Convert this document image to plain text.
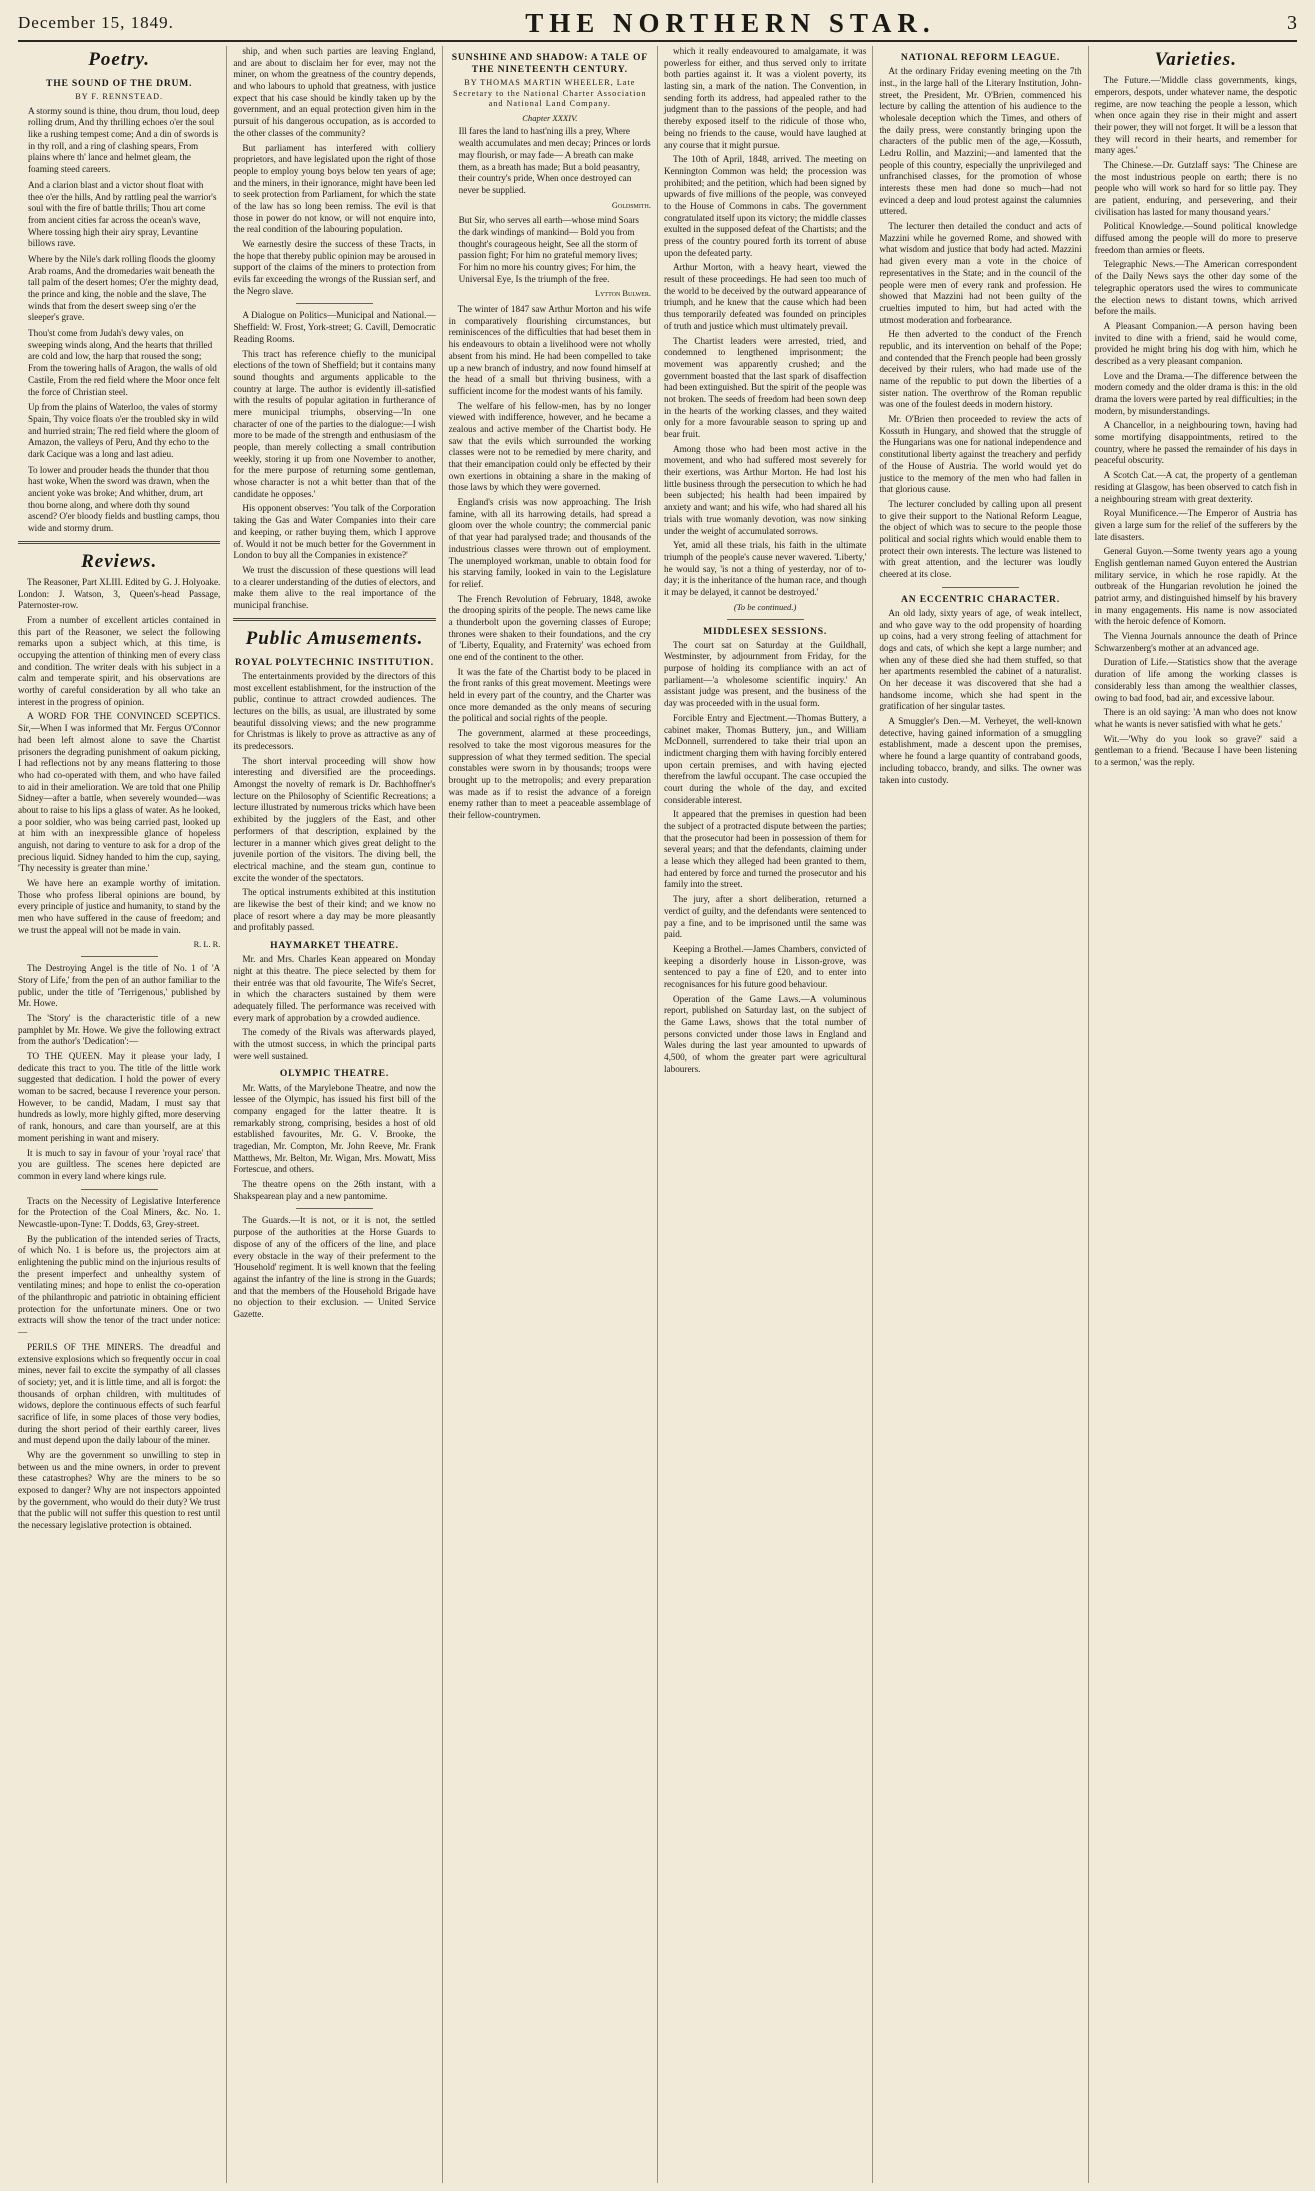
December 15, 1849.	THE NORTHERN STAR.	3
Poetry.
THE SOUND OF THE DRUM.
BY F. RENNSTEAD.

A stormy sound is thine, thou drum, thou loud, deep rolling drum, And thy thrilling echoes o'er the soul like a rushing tempest come; And a din of swords is in thy roll, and a ring of clashing spears, From plains where th' lance and helmet gleam, the foaming steed careers.

And a clarion blast and a victor shout float with thee o'er the hills, And by rattling peal the warrior's soul with the fire of battle thrills; Thou art come from ancient cities far across the ocean's wave, Where tossing high their airy spray, Levantine billows rave.

Where by the Nile's dark rolling floods the gloomy Arab roams, And the dromedaries wait beneath the tall palm of the desert homes; O'er the mighty dead, the prince and king, the noble and the slave, The winds that from the desert sweep sing o'er the sleeper's grave.

Thou'st come from Judah's dewy vales, on sweeping winds along, And the hearts that thrilled are cold and low, the harp that roused the song; From the towering halls of Aragon, the walls of old Castile, From the red field where the Moor once felt the force of Christian steel.

Up from the plains of Waterloo, the vales of stormy Spain, Thy voice floats o'er the troubled sky in wild and hurried strain; The red field where the gloom of Amazon, the valleys of Peru, And thy echo to the dark Cacique was a long and last adieu.

To lower and prouder heads the thunder that thou hast woke, When the sword was drawn, when the ancient yoke was broke; And whither, drum, art thou borne along, and where doth thy sound ascend? O'er bloody fields and bustling camps, thou wide and stormy drum.

Reviews.

The Reasoner, Part XLIII. Edited by G. J. Holyoake. London: J. Watson, 3, Queen's-head Passage, Paternoster-row.

From a number of excellent articles contained in this part of the Reasoner, we select the following remarks upon a subject which, at this time, is occupying the attention of thinking men of every class and condition. The writer deals with his subject in a calm and temperate spirit, and his observations are worthy of careful consideration by all who take an interest in the progress of opinion.

A WORD FOR THE CONVINCED SCEPTICS. Sir,—When I was informed that Mr. Fergus O'Connor had been left almost alone to save the Chartist prisoners the degrading punishment of oakum picking, I had reflections not by any means flattering to those who had co-operated with them, and who have failed to aid in their amelioration. We are told that one Philip Sidney—after a battle, when severely wounded—was about to raise to his lips a glass of water. As he looked, a poor soldier, who was being carried past, looked up at him with an inexpressible glance of hopeless anguish, not daring to venture to ask for a drop of the precious liquid. Sidney handed to him the cup, saying, 'Thy necessity is greater than mine.'

We have here an example worthy of imitation. Those who profess liberal opinions are bound, by every principle of justice and humanity, to stand by the men who have suffered in the cause of freedom; and we trust the appeal will not be made in vain.

R. L. R.

The Destroying Angel is the title of No. 1 of 'A Story of Life,' from the pen of an author familiar to the public, under the title of 'Terrigenous,' published by Mr. Howe.

The 'Story' is the characteristic title of a new pamphlet by Mr. Howe. We give the following extract from the author's 'Dedication':—

TO THE QUEEN. May it please your lady, I dedicate this tract to you. The title of the little work suggested that dedication. I hold the power of every woman to be sacred, because I reverence your person. However, to be candid, Madam, I must say that hundreds as lowly, more highly gifted, more deserving of rank, honours, and care than yourself, are at this moment perishing in want and misery.

It is much to say in favour of your 'royal race' that you are guiltless. The scenes here depicted are common in every land where kings rule.

Tracts on the Necessity of Legislative Interference for the Protection of the Coal Miners, &c. No. 1. Newcastle-upon-Tyne: T. Dodds, 63, Grey-street.

By the publication of the intended series of Tracts, of which No. 1 is before us, the projectors aim at enlightening the public mind on the injurious results of the present imperfect and unhealthy system of ventilating mines; and hope to enlist the co-operation of the philanthropic and patriotic in obtaining efficient protection for the unfortunate miners. One or two extracts will show the tenor of the tract under notice:—

PERILS OF THE MINERS. The dreadful and extensive explosions which so frequently occur in coal mines, never fail to excite the sympathy of all classes of society; yet, and it is little time, and all is forgot: the thousands of orphan children, with multitudes of widows, deplore the continuous effects of such fearful sacrifice of life, in some places of those very bodies, during the short period of their earthly career, lives and must depend upon the daily labour of the miner.

Why are the government so unwilling to step in between us and the mine owners, in order to prevent these catastrophes? Why are the miners to be so exposed to danger? Why are not inspectors appointed by the government, who would do their duty? We trust that the public will not suffer this question to rest until the necessary legislative protection is obtained.

ship, and when such parties are leaving England, and are about to disclaim her for ever, may not the miner, on whom the greatness of the country depends, and who labours to uphold that greatness, with justice expect that his case should be kindly taken up by the government, and an equal protection given him in the pursuit of his dangerous occupation, as is accorded to the other classes of the community?

But parliament has interfered with colliery proprietors, and have legislated upon the right of those people to employ young boys below ten years of age; and the miners, in their ignorance, might have been led to seek protection from Parliament, for which the state of the law has so long been remiss. The evil is that those in power do not know, or will not enquire into, the real condition of the labouring population.

We earnestly desire the success of these Tracts, in the hope that thereby public opinion may be aroused in support of the claims of the miners to protection from evils far exceeding the wrongs of the Russian serf, and the Negro slave.

A Dialogue on Politics—Municipal and National.—Sheffield: W. Frost, York-street; G. Cavill, Democratic Reading Rooms.

This tract has reference chiefly to the municipal elections of the town of Sheffield; but it contains many sound thoughts and arguments applicable to the country at large. The author is evidently ill-satisfied with the results of popular agitation in furtherance of mere municipal triumphs, observing—'In one character of one of the parties to the dialogue:—I wish more to be made of the strength and enthusiasm of the people, than merely collecting a small contribution weekly, storing it up from one November to another, for the mere purpose of returning some gentleman, whose character is not a whit better than that of the candidate he opposes.'

His opponent observes: 'You talk of the Corporation taking the Gas and Water Companies into their care and keeping, or rather buying them, which I approve of. Would it not be much better for the Government in London to buy all the Companies in existence?'

We trust the discussion of these questions will lead to a clearer understanding of the duties of electors, and make them alive to the real importance of the municipal franchise.

Public Amusements.
ROYAL POLYTECHNIC INSTITUTION.

The entertainments provided by the directors of this most excellent establishment, for the instruction of the public, continue to attract crowded audiences. The lectures on the bills, as usual, are illustrated by some beautiful dissolving views; and the new programme for Christmas is likely to prove as attractive as any of its predecessors.

The short interval proceeding will show how interesting and diversified are the proceedings. Amongst the novelty of remark is Dr. Bachhoffner's lecture on the Philosophy of Scientific Recreations; a lecture illustrated by numerous tricks which have been exhibited by the jugglers of the East, and other performers of that description, explained by the lecturer in a manner which gives great delight to the juvenile portion of the visitors. The diving bell, the electrical machine, and the steam gun, continue to excite the wonder of the spectators.

The optical instruments exhibited at this institution are likewise the best of their kind; and we know no place of resort where a day may be more pleasantly and profitably passed.

HAYMARKET THEATRE.

Mr. and Mrs. Charles Kean appeared on Monday night at this theatre. The piece selected by them for their entrée was that old favourite, The Wife's Secret, in which the characters sustained by them were adequately filled. The performance was received with every mark of approbation by a crowded audience.

The comedy of the Rivals was afterwards played, with the utmost success, in which the principal parts were well sustained.

OLYMPIC THEATRE.

Mr. Watts, of the Marylebone Theatre, and now the lessee of the Olympic, has issued his first bill of the company engaged for the latter theatre. It is remarkably strong, comprising, besides a host of old established favourites, Mr. G. V. Brooke, the tragedian, Mr. Compton, Mr. John Reeve, Mr. Frank Matthews, Mr. Belton, Mr. Wigan, Mrs. Mowatt, Miss Fortescue, and others.

The theatre opens on the 26th instant, with a Shakspearean play and a new pantomime.

The Guards.—It is not, or it is not, the settled purpose of the authorities at the Horse Guards to dispose of any of the officers of the line, and place every obstacle in the way of their preferment to the 'Household' regiment. It is well known that the feeling against the infantry of the line is strong in the Guards; and that the members of the Household Brigade have no objection to their exclusion. — United Service Gazette.

SUNSHINE AND SHADOW: A TALE OF THE NINETEENTH CENTURY.
BY THOMAS MARTIN WHEELER, Late Secretary to the National Charter Association and National Land Company.
Chapter XXXIV.

Ill fares the land to hast'ning ills a prey, Where wealth accumulates and men decay; Princes or lords may flourish, or may fade— A breath can make them, as a breath has made; But a bold peasantry, their country's pride, When once destroyed can never be supplied.

Goldsmith.

But Sir, who serves all earth—whose mind Soars the dark windings of mankind— Bold you from thought's courageous height, See all the storm of passion fight; For him no grateful memory lives; For him no more his country gives; For him, the Universal Eye, Is the triumph of the free.

Lytton Bulwer.

The winter of 1847 saw Arthur Morton and his wife in comparatively flourishing circumstances, but reminiscences of the difficulties that had beset them in his endeavours to obtain a livelihood were not wholly absent from his mind. He had been compelled to take up a new branch of industry, and now found himself at the head of a small but thriving business, with a sufficient income for the modest wants of his family.

The welfare of his fellow-men, has by no longer viewed with indifference, however, and he became a zealous and active member of the Chartist body. He saw that the evils which surrounded the working classes were not to be remedied by mere charity, and that their emancipation could only be effected by their own exertions in obtaining a share in the making of those laws by which they were governed.

England's crisis was now approaching. The Irish famine, with all its harrowing details, had spread a gloom over the whole country; the commercial panic of that year had paralysed trade; and thousands of the industrious classes were thrown out of employment. The unemployed workman, unable to obtain food for his starving family, looked in vain to the Legislature for relief.

The French Revolution of February, 1848, awoke the drooping spirits of the people. The news came like a thunderbolt upon the governing classes of Europe; thrones were shaken to their foundations, and the cry of 'Liberty, Equality, and Fraternity' was echoed from one end of the continent to the other.

It was the fate of the Chartist body to be placed in the front ranks of this great movement. Meetings were held in every part of the country, and the Charter was once more demanded as the only means of securing the political and social rights of the people.

The government, alarmed at these proceedings, resolved to take the most vigorous measures for the suppression of what they termed sedition. The special constables were sworn in by thousands; troops were brought up to the metropolis; and every preparation was made as if to resist the advance of a foreign enemy rather than to meet a peaceable assemblage of their fellow-countrymen.

which it really endeavoured to amalgamate, it was powerless for either, and thus served only to irritate both parties against it. It was a violent poverty, its lasting sin, a mark of the nation. The Convention, in sending forth its address, had appealed rather to the judgment than to the passions of the people, and had thereby exposed itself to the ridicule of those who, being no friends to the cause, would have laughed at any course that it might pursue.

The 10th of April, 1848, arrived. The meeting on Kennington Common was held; the procession was prohibited; and the petition, which had been signed by upwards of five millions of the people, was conveyed to the House of Commons in cabs. The government congratulated itself upon its victory; the middle classes exulted in the supposed defeat of the Chartists; and the press of the country poured forth its torrent of abuse upon the defeated party.

Arthur Morton, with a heavy heart, viewed the result of these proceedings. He had seen too much of the world to be deceived by the outward appearance of triumph, and he knew that the cause which had been thus temporarily defeated was founded on principles of truth and justice which must ultimately prevail.

The Chartist leaders were arrested, tried, and condemned to lengthened imprisonment; the movement was apparently crushed; and the government boasted that the last spark of disaffection had been extinguished. But the spirit of the people was not broken. The seeds of freedom had been sown deep in the hearts of the working classes, and they waited only for a more favourable season to spring up and bear fruit.

Among those who had been most active in the movement, and who had suffered most severely for their exertions, was Arthur Morton. He had lost his little business through the persecution to which he had been subjected; his health had been impaired by anxiety and want; and his wife, who had shared all his trials with true womanly devotion, was now sinking under the weight of accumulated sorrows.

Yet, amid all these trials, his faith in the ultimate triumph of the people's cause never wavered. 'Liberty,' he would say, 'is not a thing of yesterday, nor of to-day; it is the inheritance of the human race, and though it may be delayed, it cannot be destroyed.'

(To be continued.)
MIDDLESEX SESSIONS.

The court sat on Saturday at the Guildhall, Westminster, by adjournment from Friday, for the purpose of holding its compliance with an act of parliament—'a wholesome scientific inquiry.' An assistant judge was present, and the business of the day was proceeded with in the usual form.

Forcible Entry and Ejectment.—Thomas Buttery, a cabinet maker, Thomas Buttery, jun., and William McDonnell, surrendered to take their trial upon an indictment charging them with having forcibly entered upon certain premises, and with having ejected therefrom the lawful occupant. The case occupied the court during the whole of the day, and excited considerable interest.

It appeared that the premises in question had been the subject of a protracted dispute between the parties; that the prosecutor had been in possession of them for several years; and that the defendants, claiming under a lease which they alleged had been granted to them, had entered by force and turned the prosecutor and his family into the street.

The jury, after a short deliberation, returned a verdict of guilty, and the defendants were sentenced to pay a fine, and to be imprisoned until the same was paid.

Keeping a Brothel.—James Chambers, convicted of keeping a disorderly house in Lisson-grove, was sentenced to pay a fine of £20, and to enter into recognisances for his future good behaviour.

Operation of the Game Laws.—A voluminous report, published on Saturday last, on the subject of the Game Laws, shows that the total number of persons convicted under those laws in England and Wales during the last year amounted to upwards of 4,500, of whom the greater part were agricultural labourers.

NATIONAL REFORM LEAGUE.

At the ordinary Friday evening meeting on the 7th inst., in the large hall of the Literary Institution, John-street, the President, Mr. O'Brien, commenced his lecture by calling the attention of his audience to the wholesale deception which the Times, and others of the daily press, were constantly bringing upon the characters of the public men of the age,—Kossuth, Ledru Rollin, and Mazzini;—and lamented that the people of this country, especially the unprivileged and unfranchised classes, for the promotion of whose interests these men had done so much—had not evinced a deep and loud protest against the calumnies uttered.

The lecturer then detailed the conduct and acts of Mazzini while he governed Rome, and showed with what wisdom and justice that body had acted. Mazzini had given every man a vote in the choice of representatives in the State; and in the council of the people were men of every rank and profession. He showed that Mazzini had not been guilty of the cruelties imputed to him, but had acted with the utmost moderation and forbearance.

He then adverted to the conduct of the French republic, and its intervention on behalf of the Pope; and contended that the French people had been grossly deceived by their rulers, who had made use of the name of the republic to put down the liberties of a sister nation. The overthrow of the Roman republic was one of the foulest deeds in modern history.

Mr. O'Brien then proceeded to review the acts of Kossuth in Hungary, and showed that the struggle of the Hungarians was one for national independence and constitutional liberty against the treachery and perfidy of the House of Austria. The world would yet do justice to the memory of the men who had fallen in that glorious cause.

The lecturer concluded by calling upon all present to give their support to the National Reform League, the object of which was to secure to the people those political and social rights which would enable them to protect their own interests. The lecture was listened to with great attention, and the lecturer was loudly cheered at its close.

AN ECCENTRIC CHARACTER.

An old lady, sixty years of age, of weak intellect, and who gave way to the odd propensity of hoarding up coins, had a very strong feeling of attachment for dogs and cats, of which she kept a large number; and when any of these died she had them stuffed, so that her apartments resembled the cabinet of a naturalist. On her decease it was discovered that she had a handsome income, which she had spent in the gratification of her singular tastes.

A Smuggler's Den.—M. Verheyet, the well-known detective, having gained information of a smuggling establishment, made a descent upon the premises, where he found a large quantity of contraband goods, including tobacco, brandy, and silks. The owner was taken into custody.

Varieties.

The Future.—'Middle class governments, kings, emperors, despots, under whatever name, the despotic regime, are now teaching the people a lesson, which when once again they rise in their might and assert their power, they will not forget. It will be a lesson that they will record in their hearts, and remember for many ages.'

The Chinese.—Dr. Gutzlaff says: 'The Chinese are the most industrious people on earth; there is no people who will work so hard for so little pay. They are patient, enduring, and persevering, and their civilisation has lasted for many thousand years.'

Political Knowledge.—Sound political knowledge diffused among the people will do more to preserve freedom than armies or fleets.

Telegraphic News.—The American correspondent of the Daily News says the other day some of the telegraphic operators used the wires to communicate the election news to distant towns, which arrived before the mails.

A Pleasant Companion.—A person having been invited to dine with a friend, said he would come, provided he might bring his dog with him, which he described as a very pleasant companion.

Love and the Drama.—The difference between the modern comedy and the older drama is this: in the old drama the lovers were parted by real difficulties; in the modern, by misunderstandings.

A Chancellor, in a neighbouring town, having had some mortifying disappointments, retired to the country, where he passed the remainder of his days in peaceful obscurity.

A Scotch Cat.—A cat, the property of a gentleman residing at Glasgow, has been observed to catch fish in a neighbouring stream with great dexterity.

Royal Munificence.—The Emperor of Austria has given a large sum for the relief of the sufferers by the late disasters.

General Guyon.—Some twenty years ago a young English gentleman named Guyon entered the Austrian military service, in which he rose rapidly. At the outbreak of the Hungarian revolution he joined the patriot army, and distinguished himself by his bravery in many engagements. His name is now associated with the heroic defence of Komorn.

The Vienna Journals announce the death of Prince Schwarzenberg's mother at an advanced age.

Duration of Life.—Statistics show that the average duration of life among the working classes is considerably less than among the wealthier classes, owing to bad food, bad air, and excessive labour.

There is an old saying: 'A man who does not know what he wants is never satisfied with what he gets.'

Wit.—'Why do you look so grave?' said a gentleman to a friend. 'Because I have been listening to a sermon,' was the reply.
